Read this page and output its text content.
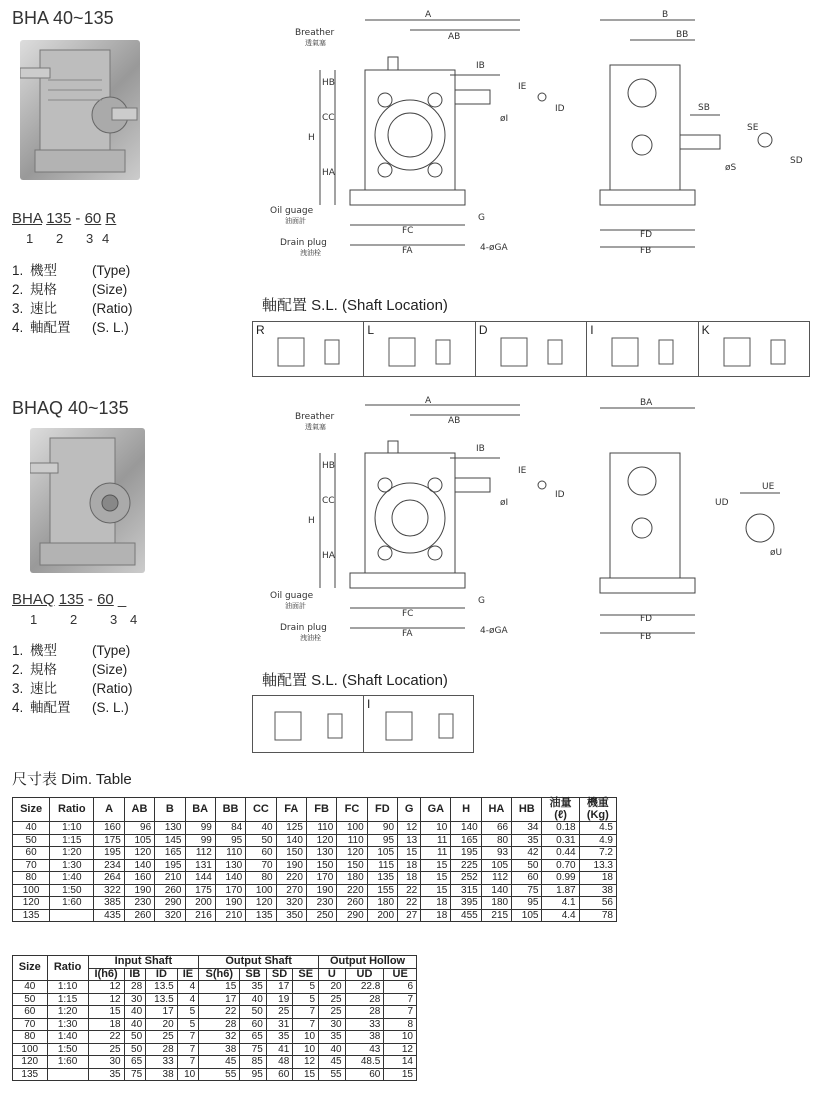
BHA 40~135
BHA 135 - 60 R
1 2 3 4
1. 機型	(Type)
2. 規格	(Size)
3. 速比	(Ratio)
4. 軸配置	(S. L.)
A
AB
IB
IE
ID
øI
HB
CC
H
HA
FC
FA
G
4-øGA
Breather
透氣塞
Oil guage
油面計
Drain plug
洩油栓
B
BB
SB
SE
SD
øS
FD
FB
軸配置 S.L. (Shaft Location)
R	L	D	I	K
BHAQ 40~135
BHAQ 135 - 60 _
1	2	3 4
1. 機型	(Type)
2. 規格	(Size)
3. 速比	(Ratio)
4. 軸配置	(S. L.)
A
AB
IB
IE
ID
øI
HB
CC
H
HA
FC
FA
G
4-øGA
Breather
透氣塞
Oil guage
油面計
Drain plug
洩油栓
BA
UE
UD
øU
FD
FB
軸配置 S.L. (Shaft Location)
I
尺寸表 Dim. Table
Size	Ratio	A	AB	B	BA	BB	CC	FA	FB	FC	FD	G	GA	H	HA	HB	油量
(ℓ)	機重
(Kg)
40	1:10	160	96	130	99	84	40	125	110	100	90	12	10	140	66	34	0.18	4.5
50	1:15	175	105	145	99	95	50	140	120	110	95	13	11	165	80	35	0.31	4.9
60	1:20	195	120	165	112	110	60	150	130	120	105	15	11	195	93	42	0.44	7.2
70	1:30	234	140	195	131	130	70	190	150	150	115	18	15	225	105	50	0.70	13.3
80	1:40	264	160	210	144	140	80	220	170	180	135	18	15	252	112	60	0.99	18
100	1:50	322	190	260	175	170	100	270	190	220	155	22	15	315	140	75	1.87	38
120	1:60	385	230	290	200	190	120	320	230	260	180	22	18	395	180	95	4.1	56
135		435	260	320	216	210	135	350	250	290	200	27	18	455	215	105	4.4	78
Size	Ratio	Input Shaft				Output Shaft				Output Hollow		
		I(h6)	IB	ID	IE	S(h6)	SB	SD	SE	U	UD	UE
40	1:10	12	28	13.5	4	15	35	17	5	20	22.8	6
50	1:15	12	30	13.5	4	17	40	19	5	25	28	7
60	1:20	15	40	17	5	22	50	25	7	25	28	7
70	1:30	18	40	20	5	28	60	31	7	30	33	8
80	1:40	22	50	25	7	32	65	35	10	35	38	10
100	1:50	25	50	28	7	38	75	41	10	40	43	12
120	1:60	30	65	33	7	45	85	48	12	45	48.5	14
135		35	75	38	10	55	95	60	15	55	60	15
